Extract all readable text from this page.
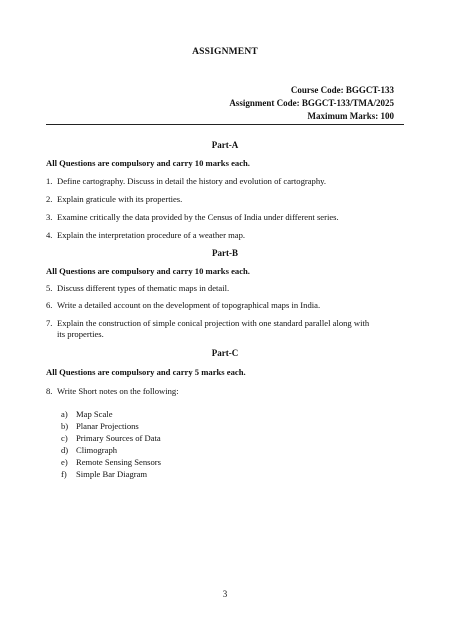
ASSIGNMENT
Course Code: BGGCT-133
Assignment Code: BGGCT-133/TMA/2025
Maximum Marks: 100
Part-A
All Questions are compulsory and carry 10 marks each.
1. Define cartography. Discuss in detail the history and evolution of cartography.
2. Explain graticule with its properties.
3. Examine critically the data provided by the Census of India under different series.
4. Explain the interpretation procedure of a weather map.
Part-B
All Questions are compulsory and carry 10 marks each.
5. Discuss different types of thematic maps in detail.
6. Write a detailed account on the development of topographical maps in India.
7. Explain the construction of simple conical projection with one standard parallel along with
its properties.
Part-C
All Questions are compulsory and carry 5 marks each.
8. Write Short notes on the following:
a) Map Scale
b) Planar Projections
c) Primary Sources of Data
d) Climograph
e) Remote Sensing Sensors
f) Simple Bar Diagram
3
